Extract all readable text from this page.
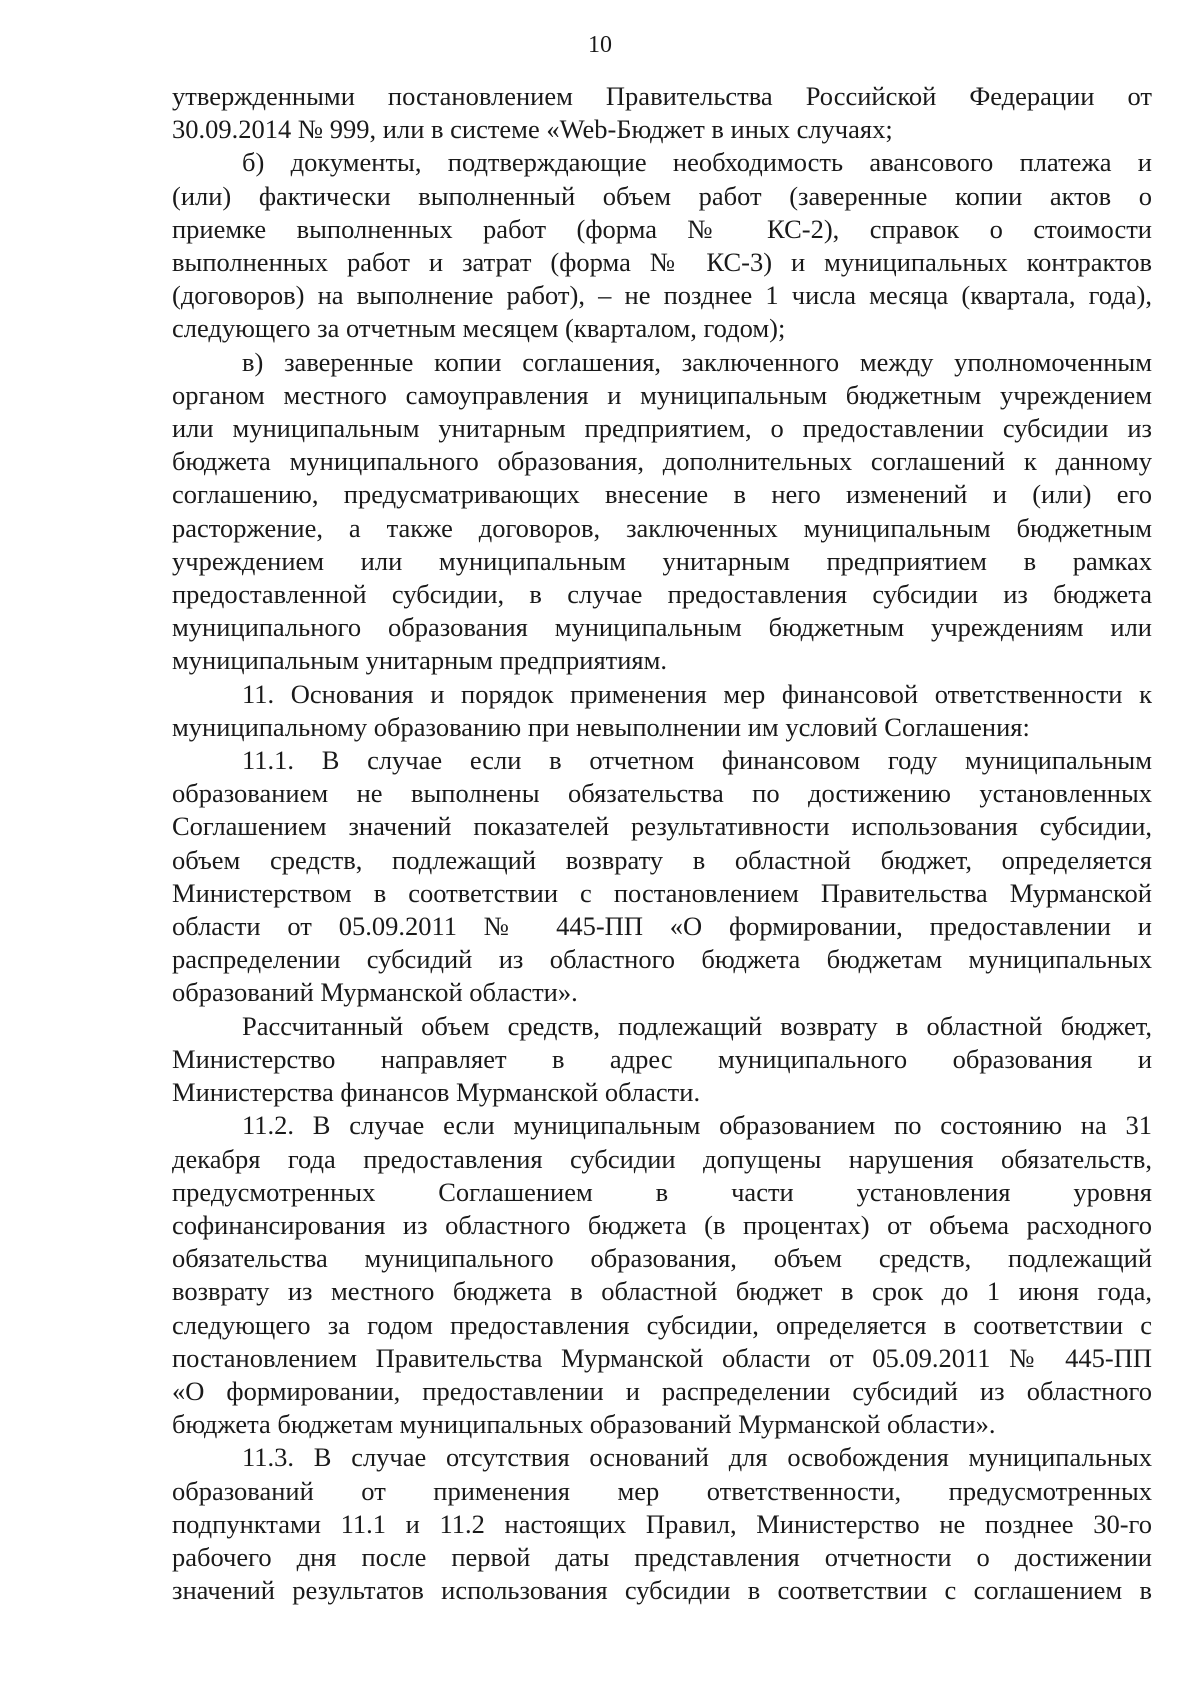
10

утвержденными постановлением Правительства Российской Федерации от
30.09.2014 № 999, или в системе «Web-Бюджет в иных случаях;

б) документы, подтверждающие необходимость авансового платежа и
(или) фактически выполненный объем работ (заверенные копии актов о
приемке выполненных работ (форма № КС-2), справок о стоимости
выполненных работ и затрат (форма № КС-3) и муниципальных контрактов
(договоров) на выполнение работ), – не позднее 1 числа месяца (квартала, года),

следующего за отчетным месяцем (кварталом, годом);

в) заверенные копии соглашения, заключенного между уполномоченным
органом местного самоуправления и муниципальным бюджетным учреждением
или муниципальным унитарным предприятием, о предоставлении субсидии из
бюджета муниципального образования, дополнительных соглашений к данному
соглашению, предусматривающих внесение в него изменений и (или) его
расторжение, а также договоров, заключенных муниципальным бюджетным
учреждением или муниципальным унитарным предприятием в рамках
предоставленной субсидии, в случае предоставления субсидии из бюджета
муниципального образования муниципальным бюджетным учреждениям или

муниципальным унитарным предприятиям.

11. Основания и порядок применения мер финансовой ответственности к

муниципальному образованию при невыполнении им условий Соглашения:

11.1. В случае если в отчетном финансовом году муниципальным
образованием не выполнены обязательства по достижению установленных
Соглашением значений показателей результативности использования субсидии,
объем средств, подлежащий возврату в областной бюджет, определяется
Министерством в соответствии с постановлением Правительства Мурманской
области от 05.09.2011 № 445-ПП «О формировании, предоставлении и
распределении субсидий из областного бюджета бюджетам муниципальных

образований Мурманской области».

Рассчитанный объем средств, подлежащий возврату в областной бюджет,
Министерство направляет в адрес муниципального образования и

Министерства финансов Мурманской области.

11.2. В случае если муниципальным образованием по состоянию на 31
декабря года предоставления субсидии допущены нарушения обязательств,
предусмотренных Соглашением в части установления уровня
софинансирования из областного бюджета (в процентах) от объема расходного
обязательства муниципального образования, объем средств, подлежащий
возврату из местного бюджета в областной бюджет в срок до 1 июня года,
следующего за годом предоставления субсидии, определяется в соответствии с
постановлением Правительства Мурманской области от 05.09.2011 № 445-ПП
«О формировании, предоставлении и распределении субсидий из областного

бюджета бюджетам муниципальных образований Мурманской области».

11.3. В случае отсутствия оснований для освобождения муниципальных
образований от применения мер ответственности, предусмотренных
подпунктами 11.1 и 11.2 настоящих Правил, Министерство не позднее 30-го
рабочего дня после первой даты представления отчетности о достижении
значений результатов использования субсидии в соответствии с соглашением в
